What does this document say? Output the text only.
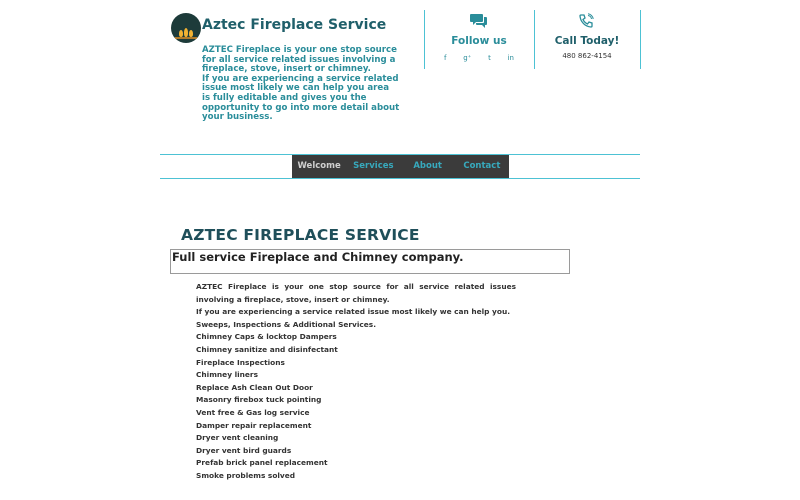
Aztec Fireplace Service

AZTEC Fireplace is your one stop source for all service related issues involving a fireplace, stove, insert or chimney.

If you are experiencing a service related issue most likely we can help you area is fully editable and gives you the opportunity to go into more detail about your business.

Follow us
f g⁺ t in
Call Today!
480 862-4154
Welcome	Services	About	Contact
AZTEC FIREPLACE SERVICE
Full service Fireplace and Chimney company.

AZTEC Fireplace is your one stop source for all service related issues involving a fireplace, stove, insert or chimney.

If you are experiencing a service related issue most likely we can help you.

Sweeps, Inspections & Additional Services.

Chimney Caps & locktop Dampers

Chimney sanitize and disinfectant

Fireplace Inspections

Chimney liners

Replace Ash Clean Out Door

Masonry firebox tuck pointing

Vent free & Gas log service

Damper repair replacement

Dryer vent cleaning

Dryer vent bird guards

Prefab brick panel replacement

Smoke problems solved
